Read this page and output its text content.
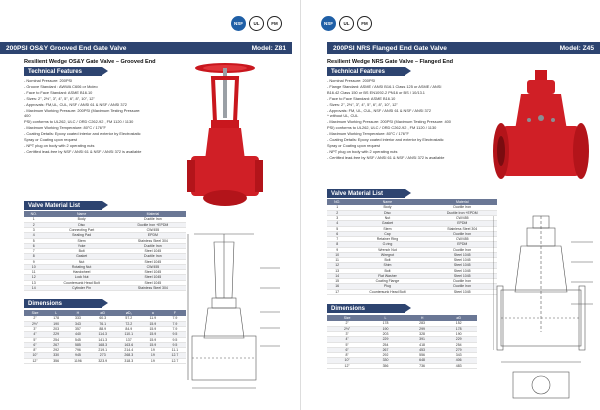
NSF	UL	FM
200PSI OS&Y Grooved End Gate Valve	Model: Z81
Resilient Wedge OS&Y Gate Valve – Grooved End
Technical Features
- Nominal Pressure: 200PSI
- Groove Standard : AWWA C606 or Moleo
- Face to Face Standard: ASME B16.10
- Sizes: 2", 2½", 3", 4", 5", 6", 8", 10", 12"
- Approvals: FM,UL, CUL, NSF / ANSI 61 & NSF / ANSI 372
- Maximum Working Pressure: 200PSI (Maximum Testing Pressure: 400
PSI) conforms to UL262, ULC / ORD C262-92 , FM 1120 / 1130
- Maximum Working Temperature: 80°C / 176°F
- Coating Details: Epoxy coated interior and exterior by Electrostatic
Spray or Coating upon request
- NPT plug on body with 2 operating nuts
- Certified lead-free by NSF / ANSI 61 & NSF / ANSI 372 is available
Valve Material List
NO.	Name	Material
1	Body	Ductile Iron
2	Disc	Ductile Iron +EPDM
3	Connecting Part	CW/455
4	Sealing Pad	EPDM
5	Stem	Stainless Steel 304
6	Yoke	Ductile Iron
7	Bolt	Steel 1045
8	Gasket	Ductile Iron
9	Nut	Steel 1045
10	Rotating Nut	CW/455
11	Handwheel	Steel 1045
12	Lock Nut	Steel 1045
13	Countersunk Head Bolt	Steel 1045
14	Cylinder Pin	Stainless Steel 304
Dimensions
Size	L	H	øD	øD₁	a	F
2"	178	333	60.3	57.2	11.9	7.9
2½"	190	343	76.1	72.2	15.9	7.9
3"	203	357	88.9	84.9	15.9	7.9
4"	229	440	114.3	110.1	15.9	9.5
5"	254	545	141.3	137	15.9	9.5
6"	267	585	168.3	163.6	15.9	9.5
8"	292	796	219.1	214.4	19	11.1
10"	330	945	273	268.3	19	12.7
12"	356	1196	323.9	318.3	19	12.7
NSF	UL	FM
200PSI NRS Flanged End Gate Valve	Model: Z45
Resilient Wedge NRS Gate Valve – Flanged End
Technical Features
- Nominal Pressure: 200PSI
- Flange Standard: ASME / ANSI B16.1 Class 125 or ASME / ANSI
B16.42 Class 150 or BS EN1092-2 PN16 or BS / 10/13.1
- Face to Face Standard: ASME B16.10
- Sizes: 2", 2½", 3", 4", 5", 6", 8", 10", 12"
- Approvals: FM, UL, CUL, NSF / ANSI 61 & NSF / ANSI 372
^ without UL, CUL
- Maximum Working Pressure: 200PSI (Maximum Testing Pressure: 400
PSI) conforms to UL262, ULC / ORD C262-92 , FM 1120 / 1130
- Maximum Working Temperature: 80°C / 176°F
- Coating Details: Epoxy coated interior and exterior by Electrostatic
Spray or Coating upon request
- NPT plug on body with 2 operating nuts
- Certified lead-free by NSF / ANSI 61 & NSF / ANSI 372 is available
Valve Material List
NO.	Name	Material
1	Body	Ductile Iron
2	Disc	Ductile Iron +EPDM
3	Nut	CW/455
4	Gasket	EPDM
5	Stem	Stainless Steel 304
6	Cap	Ductile Iron
7	Retainer Ring	CW/455
8	O-ring	EPDM
9	Wrench Nut	Ductile Iron
10	Wiregrot	Steel 1045
11	Bolt	Steel 1045
12	Shim	Steel 1045
13	Bolt	Steel 1045
14	Flat Washer	Steel 1045
15	Coating Flange	Ductile Iron
16	Plug	Ductile Iron
17	Countersunk Head Bolt	Steel 1045
Dimensions
Size	L	H	øD
2"	178	283	152
2½"	190	299	178
3"	203	328	190
4"	229	391	229
5"	254	418	254
6"	267	453	279
8"	292	556	343
10"	330	648	406
12"	356	736	483
